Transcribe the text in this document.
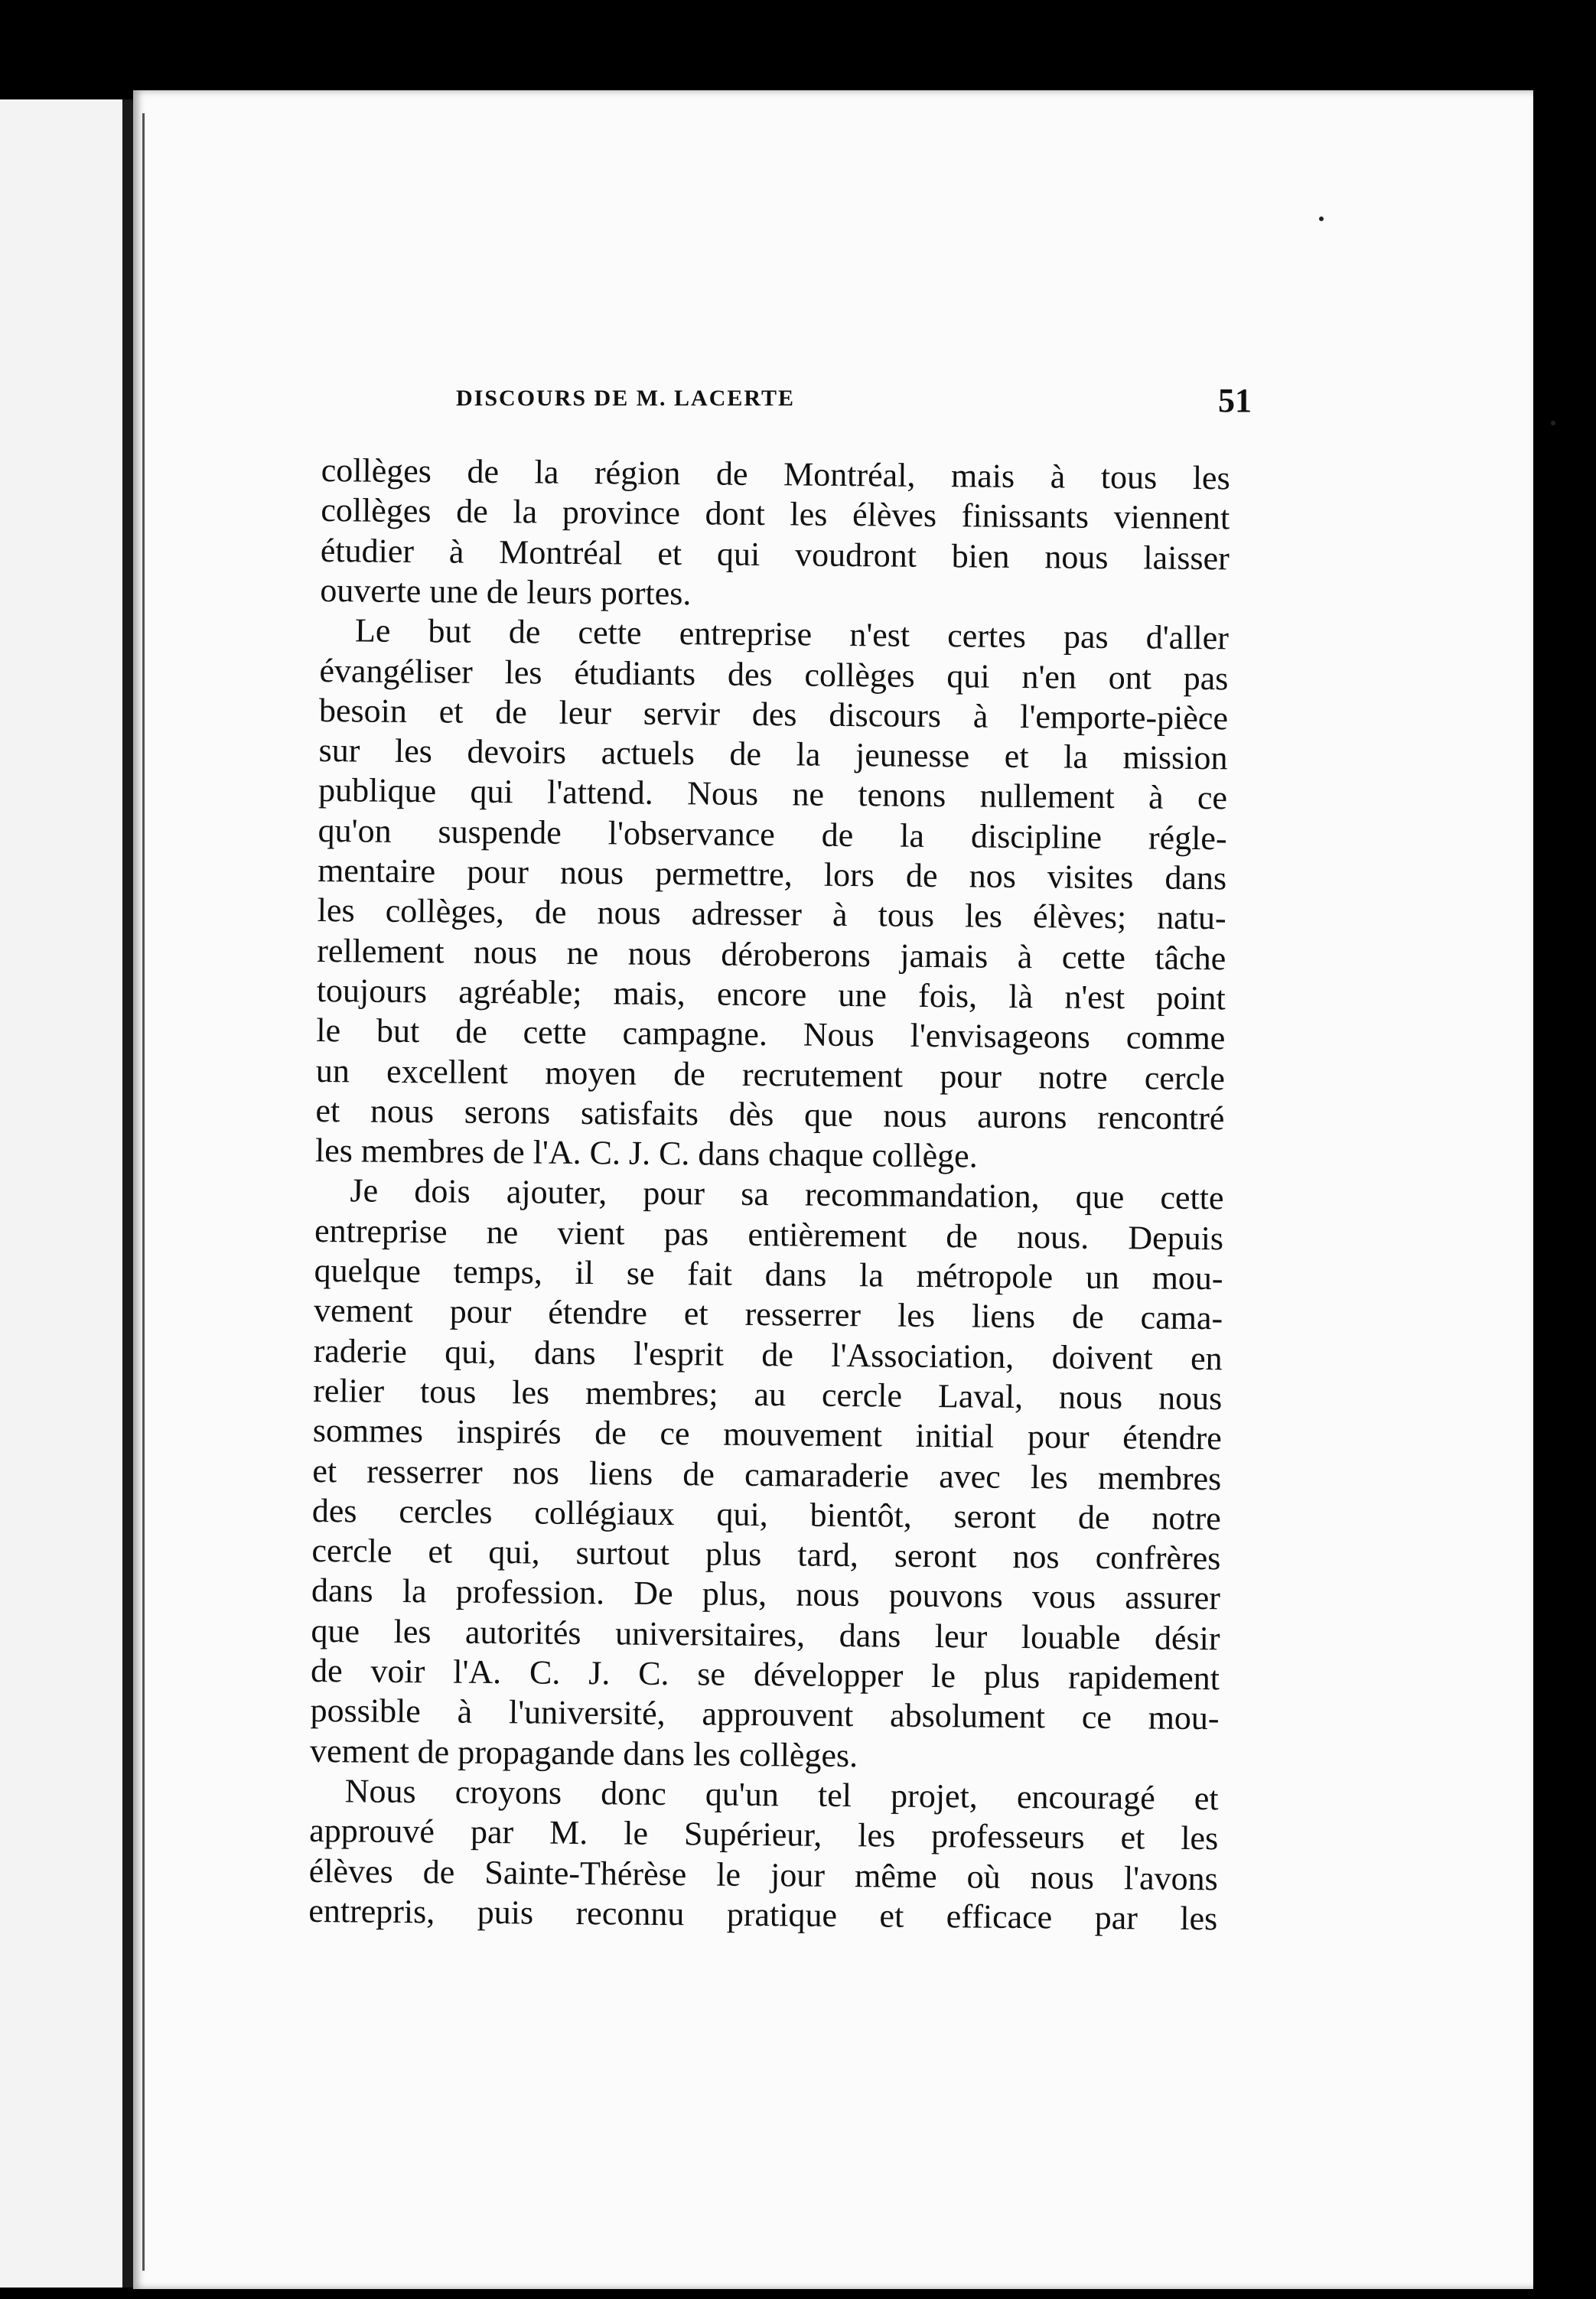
DISCOURS DE M. LACERTE	51
collèges de la région de Montréal, mais à tous les
collèges de la province dont les élèves finissants viennent
étudier à Montréal et qui voudront bien nous laisser
ouverte une de leurs portes.
Le but de cette entreprise n'est certes pas d'aller
évangéliser les étudiants des collèges qui n'en ont pas
besoin et de leur servir des discours à l'emporte-pièce
sur les devoirs actuels de la jeunesse et la mission
publique qui l'attend. Nous ne tenons nullement à ce
qu'on suspende l'observance de la discipline régle-
mentaire pour nous permettre, lors de nos visites dans
les collèges, de nous adresser à tous les élèves; natu-
rellement nous ne nous déroberons jamais à cette tâche
toujours agréable; mais, encore une fois, là n'est point
le but de cette campagne. Nous l'envisageons comme
un excellent moyen de recrutement pour notre cercle
et nous serons satisfaits dès que nous aurons rencontré
les membres de l'A. C. J. C. dans chaque collège.
Je dois ajouter, pour sa recommandation, que cette
entreprise ne vient pas entièrement de nous. Depuis
quelque temps, il se fait dans la métropole un mou-
vement pour étendre et resserrer les liens de cama-
raderie qui, dans l'esprit de l'Association, doivent en
relier tous les membres; au cercle Laval, nous nous
sommes inspirés de ce mouvement initial pour étendre
et resserrer nos liens de camaraderie avec les membres
des cercles collégiaux qui, bientôt, seront de notre
cercle et qui, surtout plus tard, seront nos confrères
dans la profession. De plus, nous pouvons vous assurer
que les autorités universitaires, dans leur louable désir
de voir l'A. C. J. C. se développer le plus rapidement
possible à l'université, approuvent absolument ce mou-
vement de propagande dans les collèges.
Nous croyons donc qu'un tel projet, encouragé et
approuvé par M. le Supérieur, les professeurs et les
élèves de Sainte-Thérèse le jour même où nous l'avons
entrepris, puis reconnu pratique et efficace par les
